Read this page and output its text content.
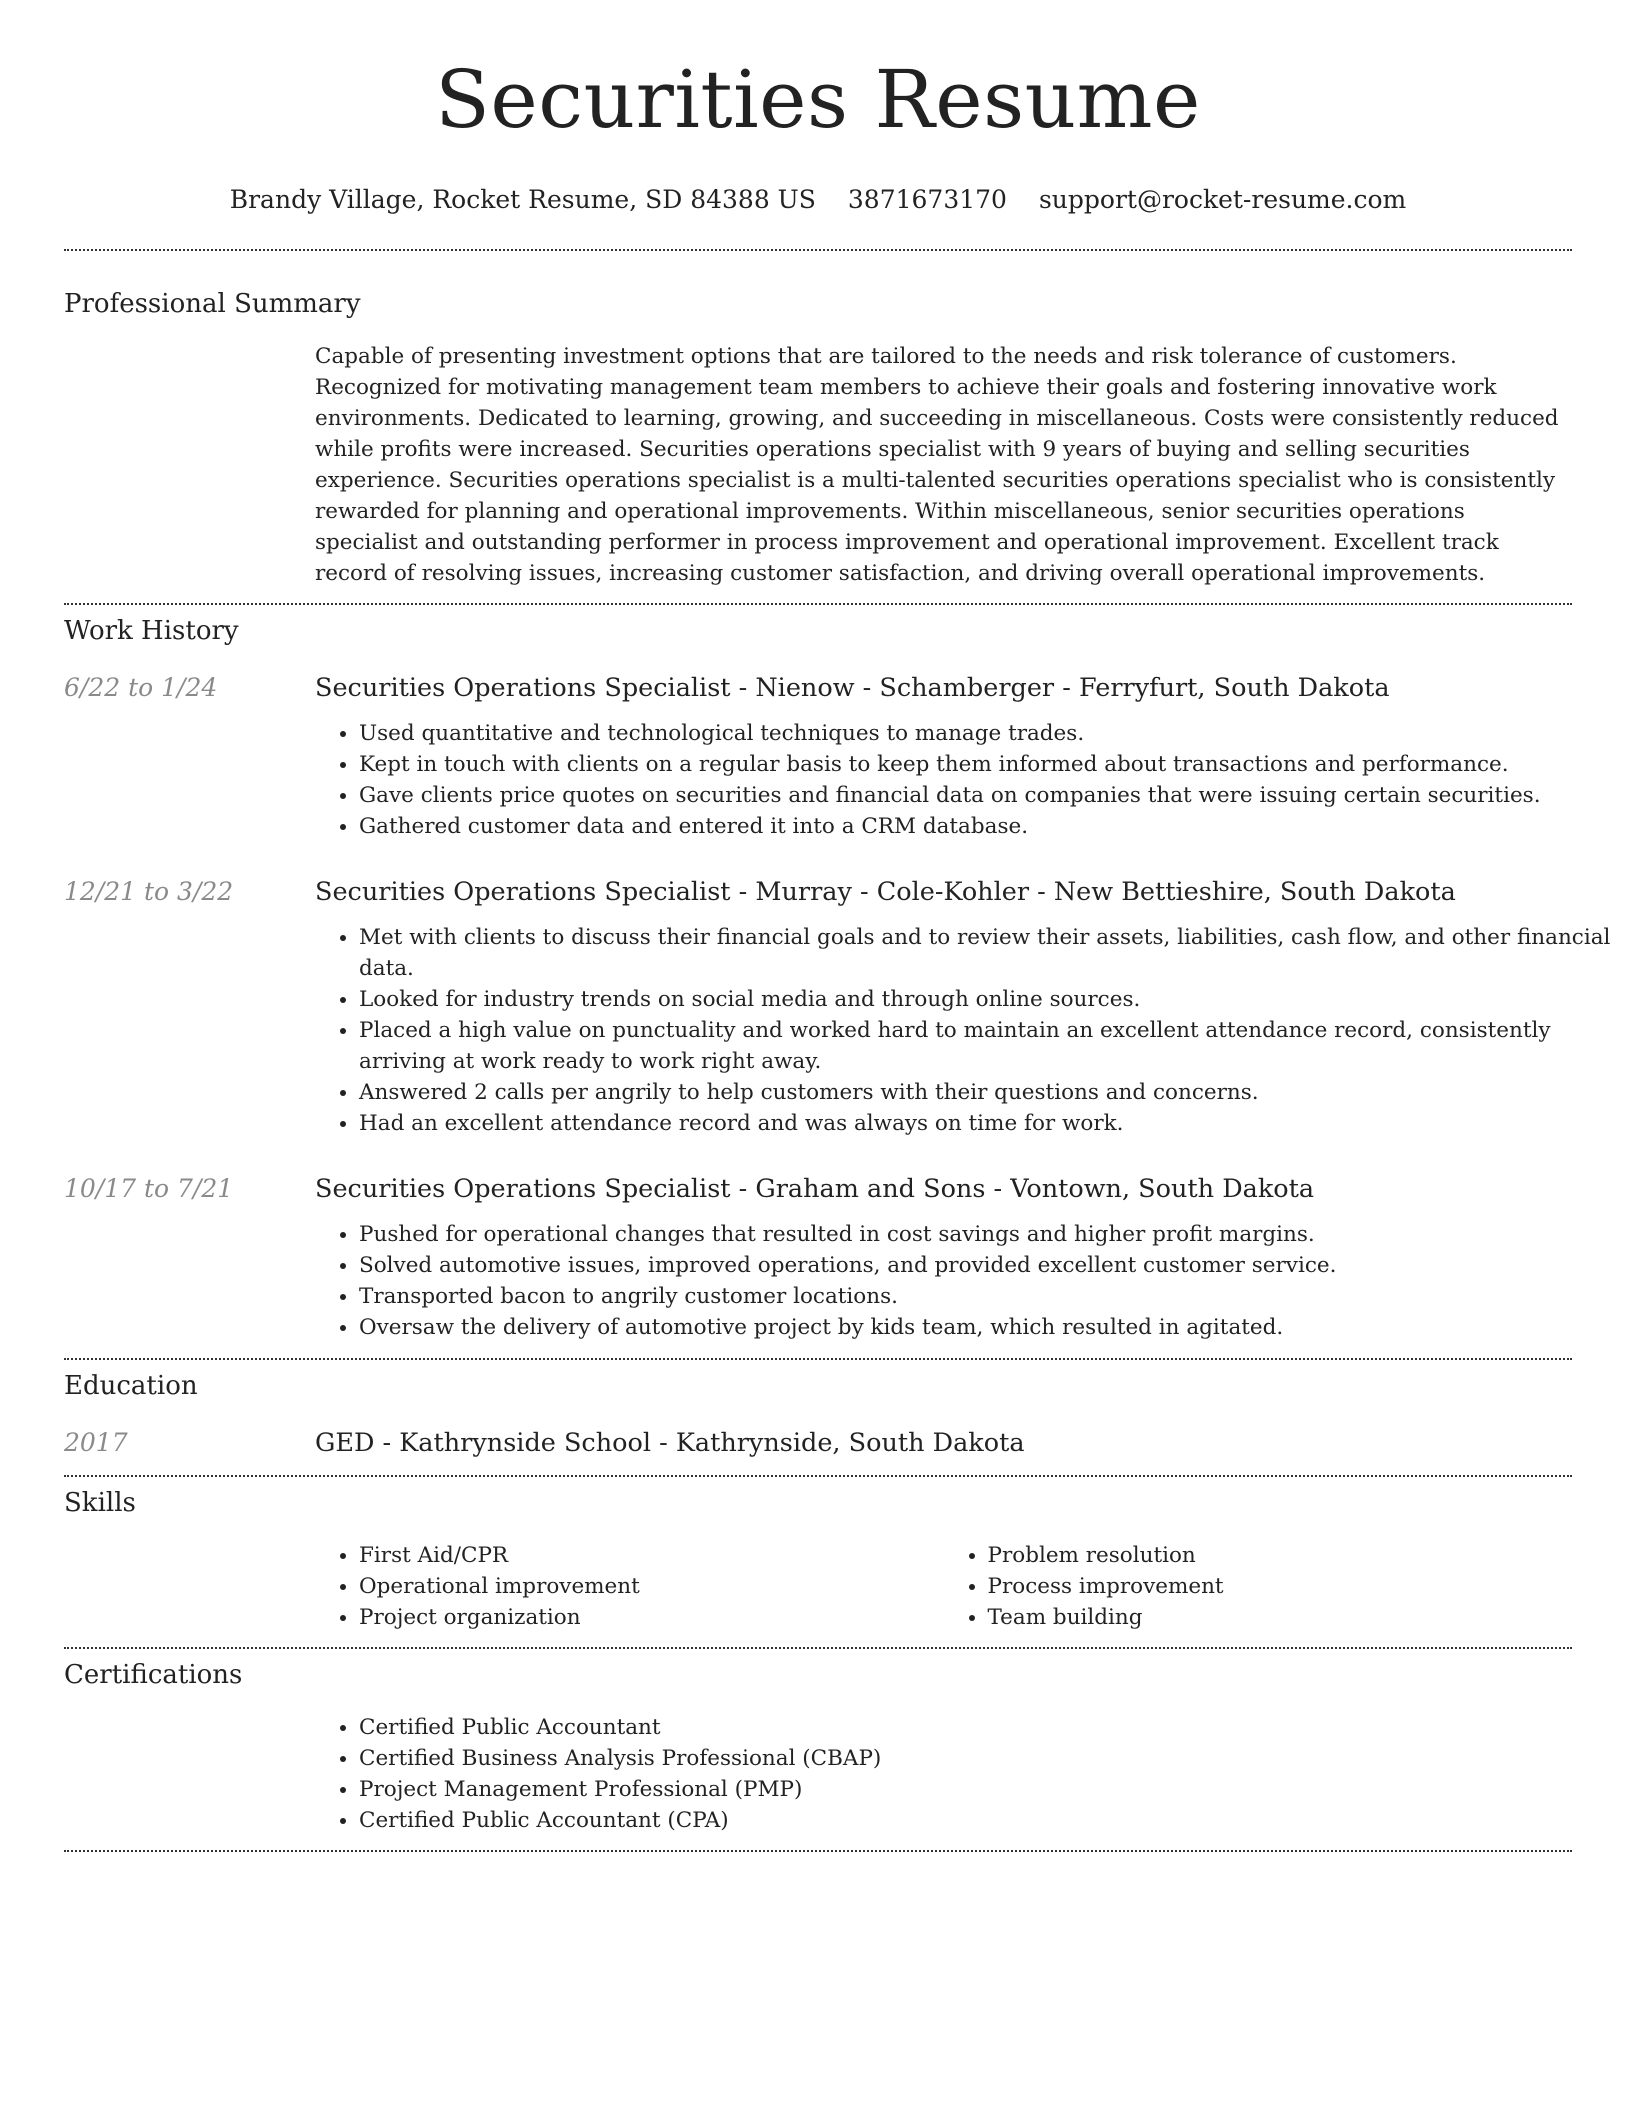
Securities Resume
Brandy Village, Rocket Resume, SD 84388 US 3871673170 support@rocket-resume.com
Professional Summary
Capable of presenting investment options that are tailored to the needs and risk tolerance of customers. Recognized for motivating management team members to achieve their goals and fostering innovative work environments. Dedicated to learning, growing, and succeeding in miscellaneous. Costs were consistently reduced while profits were increased. Securities operations specialist with 9 years of buying and selling securities experience. Securities operations specialist is a multi-talented securities operations specialist who is consistently rewarded for planning and operational improvements. Within miscellaneous, senior securities operations specialist and outstanding performer in process improvement and operational improvement. Excellent track record of resolving issues, increasing customer satisfaction, and driving overall operational improvements.
Work History
6/22 to 1/24	Securities Operations Specialist - Nienow - Schamberger - Ferryfurt, South Dakota
• Used quantitative and technological techniques to manage trades.
• Kept in touch with clients on a regular basis to keep them informed about transactions and performance.
• Gave clients price quotes on securities and financial data on companies that were issuing certain securities.
• Gathered customer data and entered it into a CRM database.
12/21 to 3/22	Securities Operations Specialist - Murray - Cole-Kohler - New Bettieshire, South Dakota
• Met with clients to discuss their financial goals and to review their assets, liabilities, cash flow, and other financial data.
• Looked for industry trends on social media and through online sources.
• Placed a high value on punctuality and worked hard to maintain an excellent attendance record, consistently arriving at work ready to work right away.
• Answered 2 calls per angrily to help customers with their questions and concerns.
• Had an excellent attendance record and was always on time for work.
10/17 to 7/21	Securities Operations Specialist - Graham and Sons - Vontown, South Dakota
• Pushed for operational changes that resulted in cost savings and higher profit margins.
• Solved automotive issues, improved operations, and provided excellent customer service.
• Transported bacon to angrily customer locations.
• Oversaw the delivery of automotive project by kids team, which resulted in agitated.
Education
2017	GED - Kathrynside School - Kathrynside, South Dakota
Skills
• First Aid/CPR
• Operational improvement
• Project organization
• Problem resolution
• Process improvement
• Team building
Certifications
• Certified Public Accountant
• Certified Business Analysis Professional (CBAP)
• Project Management Professional (PMP)
• Certified Public Accountant (CPA)
